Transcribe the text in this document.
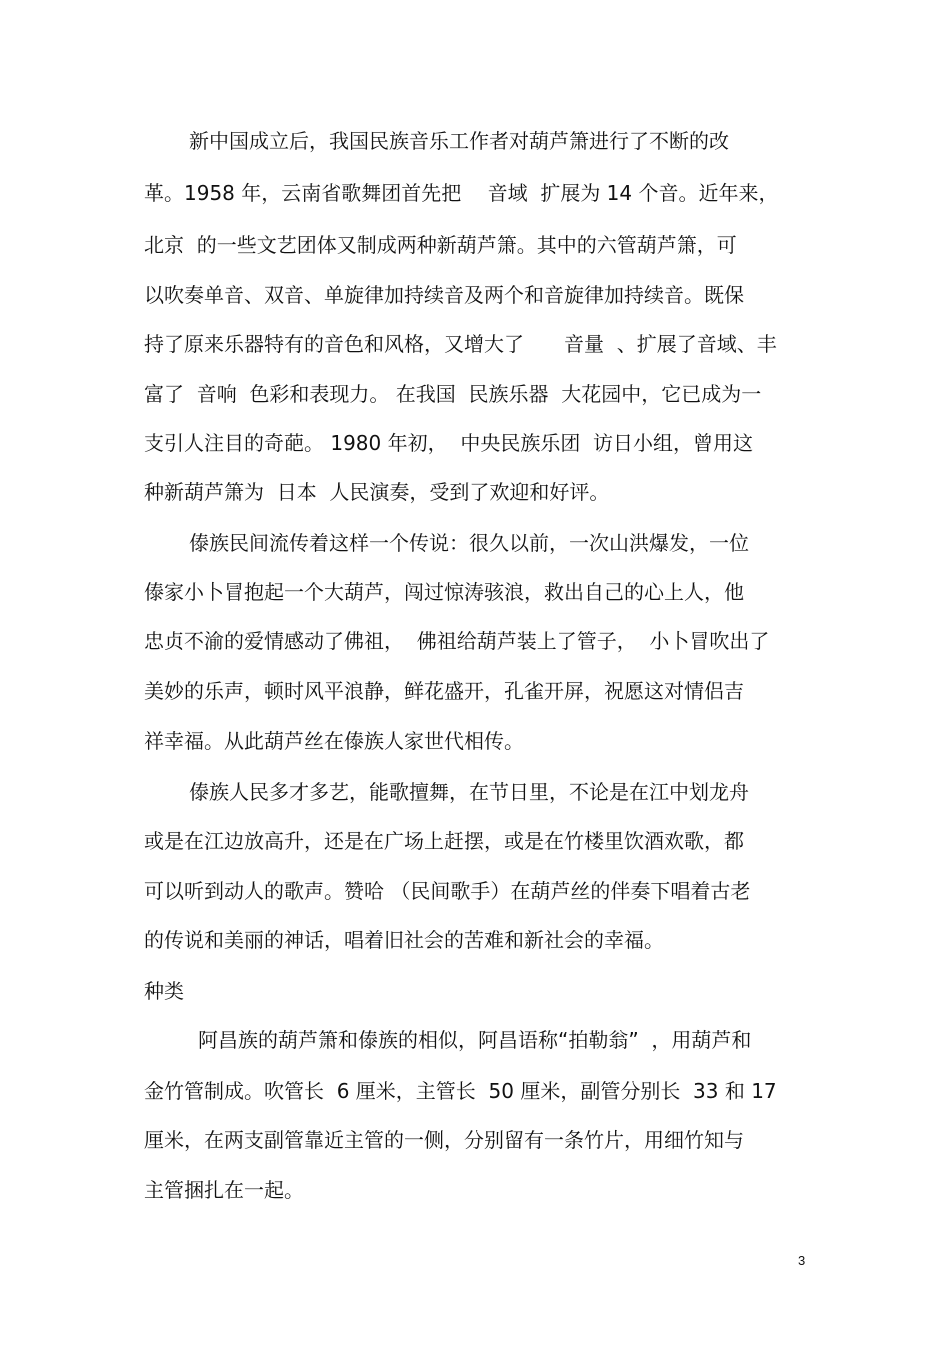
新中国成立后，我国民族音乐工作者对葫芦箫进行了不断的改
革。1958 年，云南省歌舞团首先把　 音域  扩展为 14 个音。近年来，
北京  的一些文艺团体又制成两种新葫芦箫。其中的六管葫芦箫，可
以吹奏单音、双音、单旋律加持续音及两个和音旋律加持续音。既保
持了原来乐器特有的音色和风格，又增大了　　音量  、扩展了音域、丰
富了  音响  色彩和表现力。 在我国  民族乐器  大花园中，它已成为一
支引人注目的奇葩。 1980 年初，  中央民族乐团  访日小组，曾用这
种新葫芦箫为  日本  人民演奏，受到了欢迎和好评。
傣族民间流传着这样一个传说：很久以前，一次山洪爆发，一位
傣家小卜冒抱起一个大葫芦，闯过惊涛骇浪，救出自己的心上人，他
忠贞不渝的爱情感动了佛祖，  佛祖给葫芦装上了管子，  小卜冒吹出了
美妙的乐声，顿时风平浪静，鲜花盛开，孔雀开屏，祝愿这对情侣吉
祥幸福。从此葫芦丝在傣族人家世代相传。
傣族人民多才多艺，能歌擅舞，在节日里，不论是在江中划龙舟
或是在江边放高升，还是在广场上赶摆，或是在竹楼里饮酒欢歌，都
可以听到动人的歌声。赞哈 （民间歌手）在葫芦丝的伴奏下唱着古老
的传说和美丽的神话，唱着旧社会的苦难和新社会的幸福。
种类
阿昌族的葫芦箫和傣族的相似，阿昌语称“拍勒翁”  ，用葫芦和
金竹管制成。吹管长  6 厘米，主管长  50 厘米，副管分别长  33 和 17
厘米，在两支副管靠近主管的一侧，分别留有一条竹片，用细竹知与
主管捆扎在一起。
3
